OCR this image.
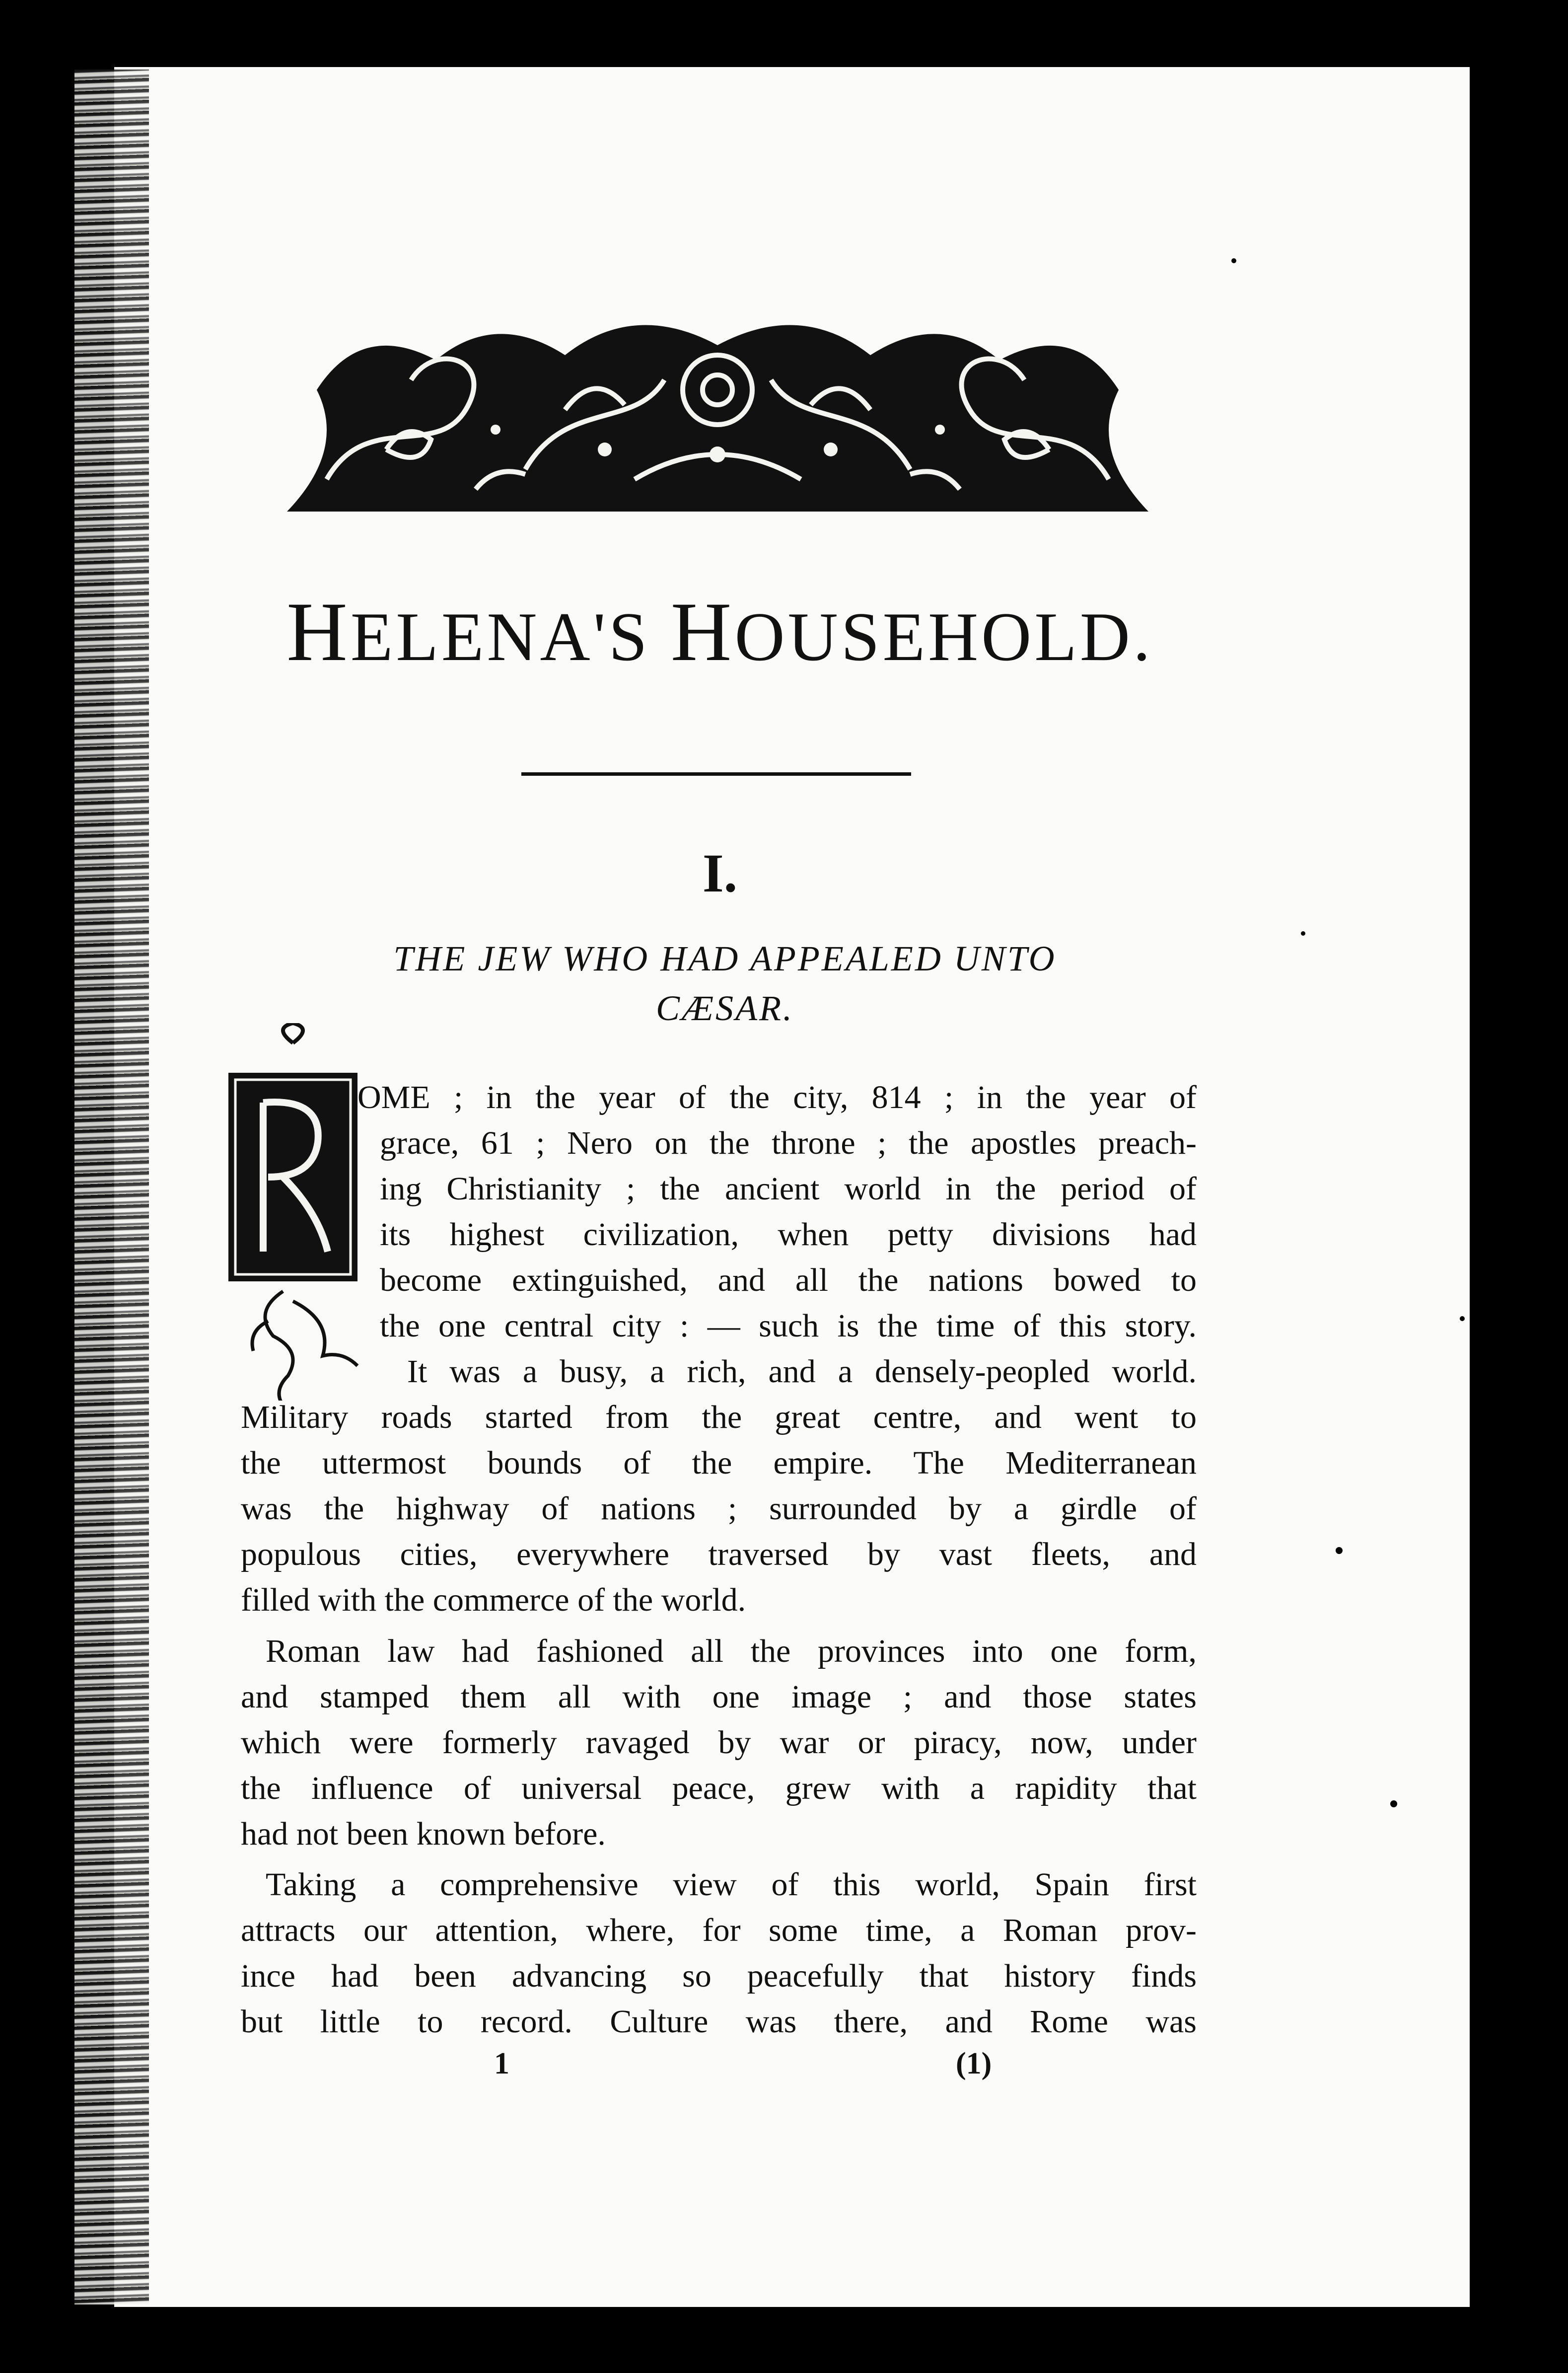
HELENA'S HOUSEHOLD.
I.
THE JEW WHO HAD APPEALED UNTO
CÆSAR.
OME ; in the year of the city, 814 ; in the year of
grace, 61 ; Nero on the throne ; the apostles preach-
ing Christianity ; the ancient world in the period of
its highest civilization, when petty divisions had
become extinguished, and all the nations bowed to
the one central city : — such is the time of this story.
It was a busy, a rich, and a densely-peopled world.
Military roads started from the great centre, and went to
the uttermost bounds of the empire. The Mediterranean
was the highway of nations ; surrounded by a girdle of
populous cities, everywhere traversed by vast fleets, and
filled with the commerce of the world.
Roman law had fashioned all the provinces into one form,
and stamped them all with one image ; and those states
which were formerly ravaged by war or piracy, now, under
the influence of universal peace, grew with a rapidity that
had not been known before.
Taking a comprehensive view of this world, Spain first
attracts our attention, where, for some time, a Roman prov-
ince had been advancing so peacefully that history finds
but little to record. Culture was there, and Rome was
1	(1)
